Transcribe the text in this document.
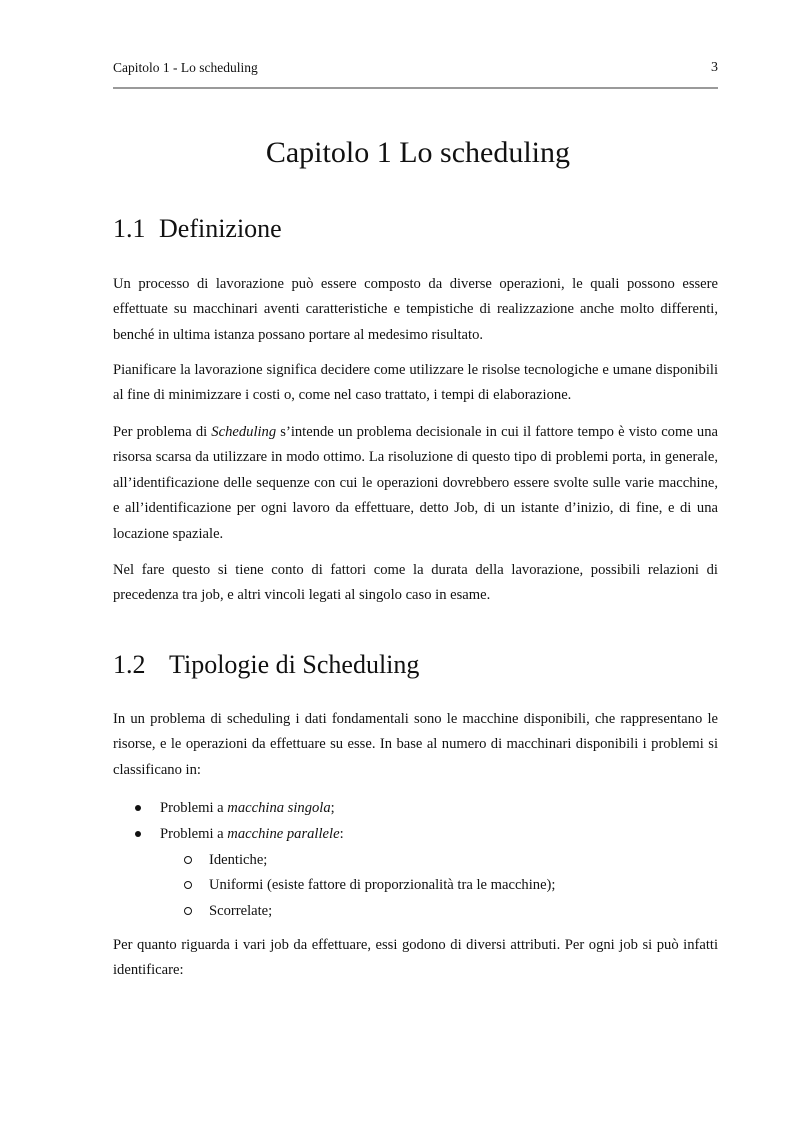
Capitolo 1 - Lo scheduling	3
Capitolo 1 Lo scheduling
1.1 Definizione

Un processo di lavorazione può essere composto da diverse operazioni, le quali possono essere effettuate su macchinari aventi caratteristiche e tempistiche di realizzazione anche molto differenti, benché in ultima istanza possano portare al medesimo risultato.

Pianificare la lavorazione significa decidere come utilizzare le risolse tecnologiche e umane disponibili al fine di minimizzare i costi o, come nel caso trattato, i tempi di elaborazione.

Per problema di Scheduling s’intende un problema decisionale in cui il fattore tempo è visto come una risorsa scarsa da utilizzare in modo ottimo. La risoluzione di questo tipo di problemi porta, in generale, all’identificazione delle sequenze con cui le operazioni dovrebbero essere svolte sulle varie macchine, e all’identificazione per ogni lavoro da effettuare, detto Job, di un istante d’inizio, di fine, e di una locazione spaziale.

Nel fare questo si tiene conto di fattori come la durata della lavorazione, possibili relazioni di precedenza tra job, e altri vincoli legati al singolo caso in esame.

1.2 Tipologie di Scheduling

In un problema di scheduling i dati fondamentali sono le macchine disponibili, che rappresentano le risorse, e le operazioni da effettuare su esse. In base al numero di macchinari disponibili i problemi si classificano in:

Problemi a macchina singola;
Problemi a macchine parallele:
Identiche;
Uniformi (esiste fattore di proporzionalità tra le macchine);
Scorrelate;

Per quanto riguarda i vari job da effettuare, essi godono di diversi attributi. Per ogni job si può infatti identificare:
